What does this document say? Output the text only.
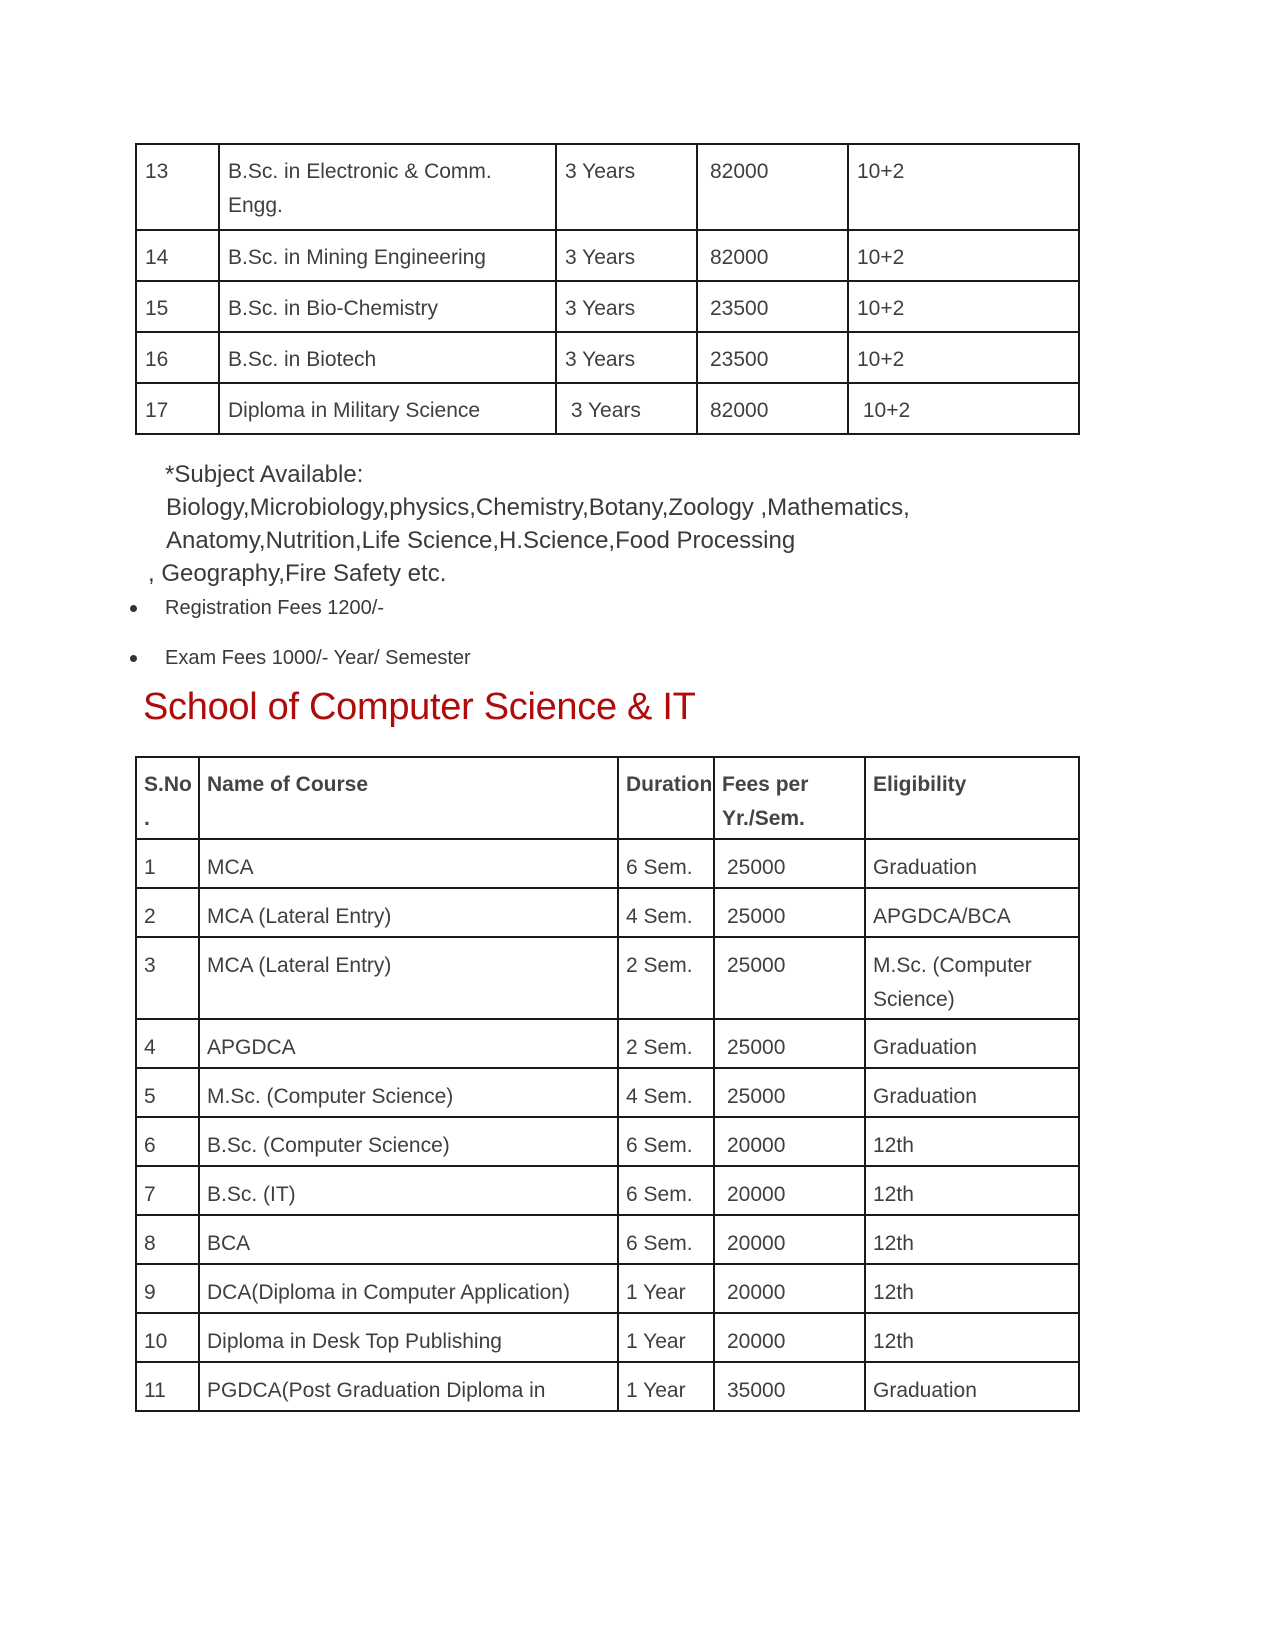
13	B.Sc. in Electronic & Comm. Engg.	3 Years	82000	10+2
14	B.Sc. in Mining Engineering	3 Years	82000	10+2
15	B.Sc. in Bio-Chemistry	3 Years	23500	10+2
16	B.Sc. in Biotech	3 Years	23500	10+2
17	Diploma in Military Science	3 Years	82000	10+2
*Subject Available:
Biology,Microbiology,physics,Chemistry,Botany,Zoology ,Mathematics,
Anatomy,Nutrition,Life Science,H.Science,Food Processing
, Geography,Fire Safety etc.
Registration Fees 1200/-
Exam Fees 1000/- Year/ Semester
School of Computer Science & IT
S.No .	Name of Course	Duration	Fees per Yr./Sem.	Eligibility
1	MCA	6 Sem.	25000	Graduation
2	MCA (Lateral Entry)	4 Sem.	25000	APGDCA/BCA
3	MCA (Lateral Entry)	2 Sem.	25000	M.Sc. (Computer Science)
4	APGDCA	2 Sem.	25000	Graduation
5	M.Sc. (Computer Science)	4 Sem.	25000	Graduation
6	B.Sc. (Computer Science)	6 Sem.	20000	12th
7	B.Sc. (IT)	6 Sem.	20000	12th
8	BCA	6 Sem.	20000	12th
9	DCA(Diploma in Computer Application)	1 Year	20000	12th
10	Diploma in Desk Top Publishing	1 Year	20000	12th
11	PGDCA(Post Graduation Diploma in	1 Year	35000	Graduation
